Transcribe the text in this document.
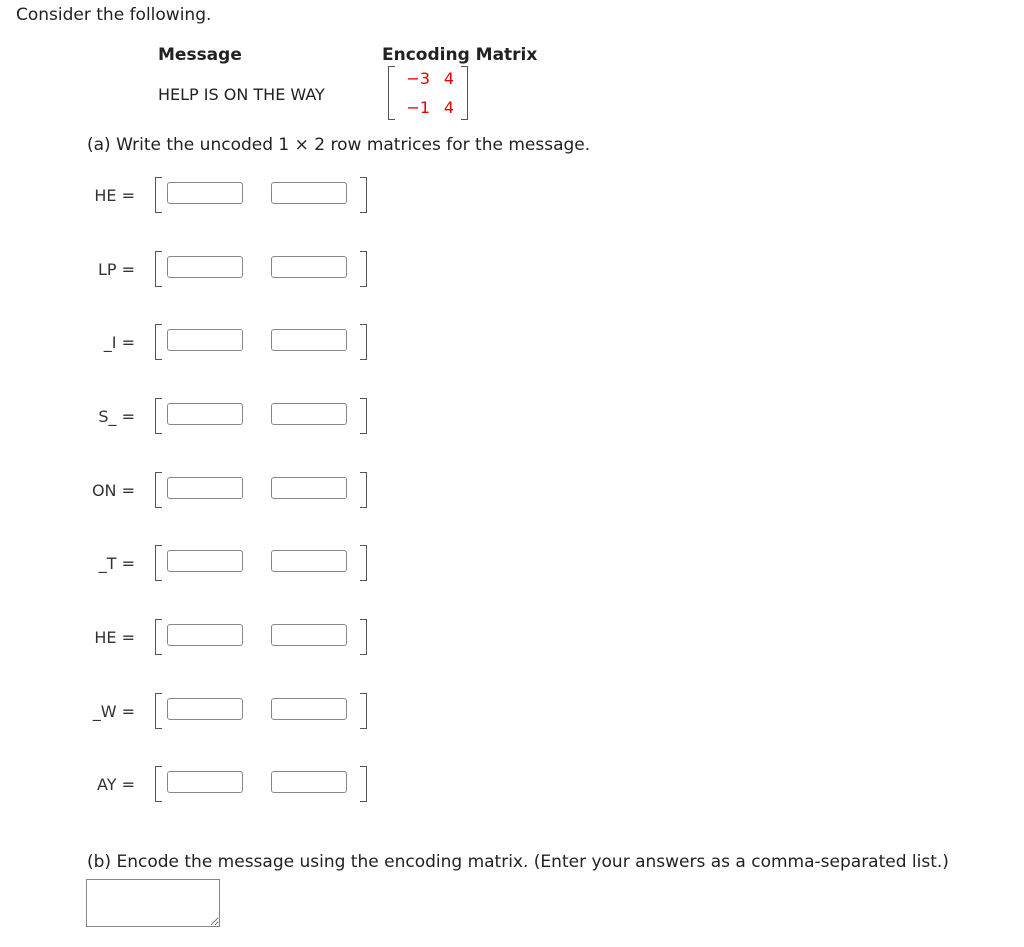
Consider the following.
Message	Encoding Matrix
HELP IS ON THE WAY
−3 4
−1 4
(a) Write the uncoded 1 × 2 row matrices for the message.
HE =
LP =
_I =
S_ =
ON =
_T =
HE =
_W =
AY =
(b) Encode the message using the encoding matrix. (Enter your answers as a comma-separated list.)
